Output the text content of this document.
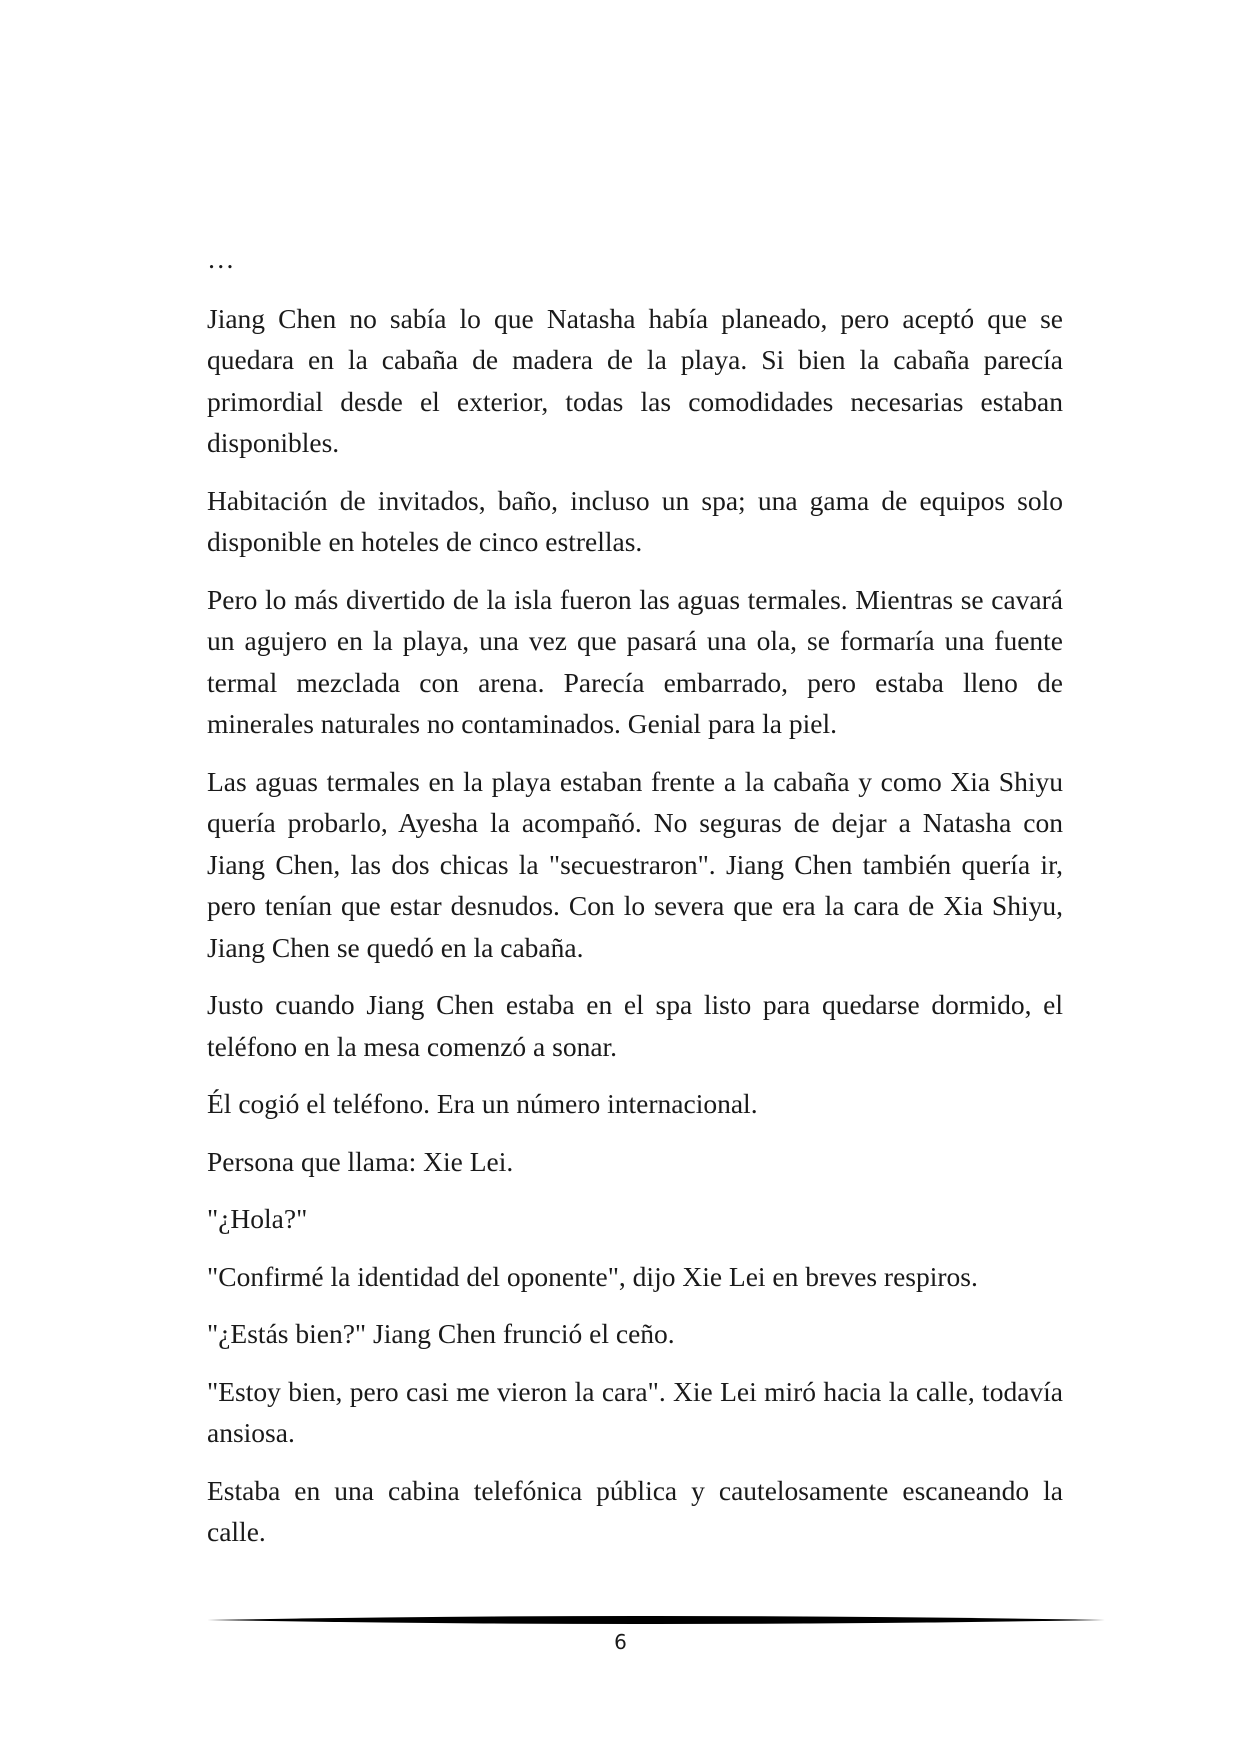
…

Jiang Chen no sabía lo que Natasha había planeado, pero aceptó que se quedara en la cabaña de madera de la playa. Si bien la cabaña parecía primordial desde el exterior, todas las comodidades necesarias estaban disponibles.

Habitación de invitados, baño, incluso un spa; una gama de equipos solo disponible en hoteles de cinco estrellas.

Pero lo más divertido de la isla fueron las aguas termales. Mientras se cavará un agujero en la playa, una vez que pasará una ola, se formaría una fuente termal mezclada con arena. Parecía embarrado, pero estaba lleno de minerales naturales no contaminados. Genial para la piel.

Las aguas termales en la playa estaban frente a la cabaña y como Xia Shiyu quería probarlo, Ayesha la acompañó. No seguras de dejar a Natasha con Jiang Chen, las dos chicas la "secuestraron". Jiang Chen también quería ir, pero tenían que estar desnudos. Con lo severa que era la cara de Xia Shiyu, Jiang Chen se quedó en la cabaña.

Justo cuando Jiang Chen estaba en el spa listo para quedarse dormido, el teléfono en la mesa comenzó a sonar.

Él cogió el teléfono. Era un número internacional.

Persona que llama: Xie Lei.

"¿Hola?"

"Confirmé la identidad del oponente", dijo Xie Lei en breves respiros.

"¿Estás bien?" Jiang Chen frunció el ceño.

"Estoy bien, pero casi me vieron la cara". Xie Lei miró hacia la calle, todavía ansiosa.

Estaba en una cabina telefónica pública y cautelosamente escaneando la calle.

6
